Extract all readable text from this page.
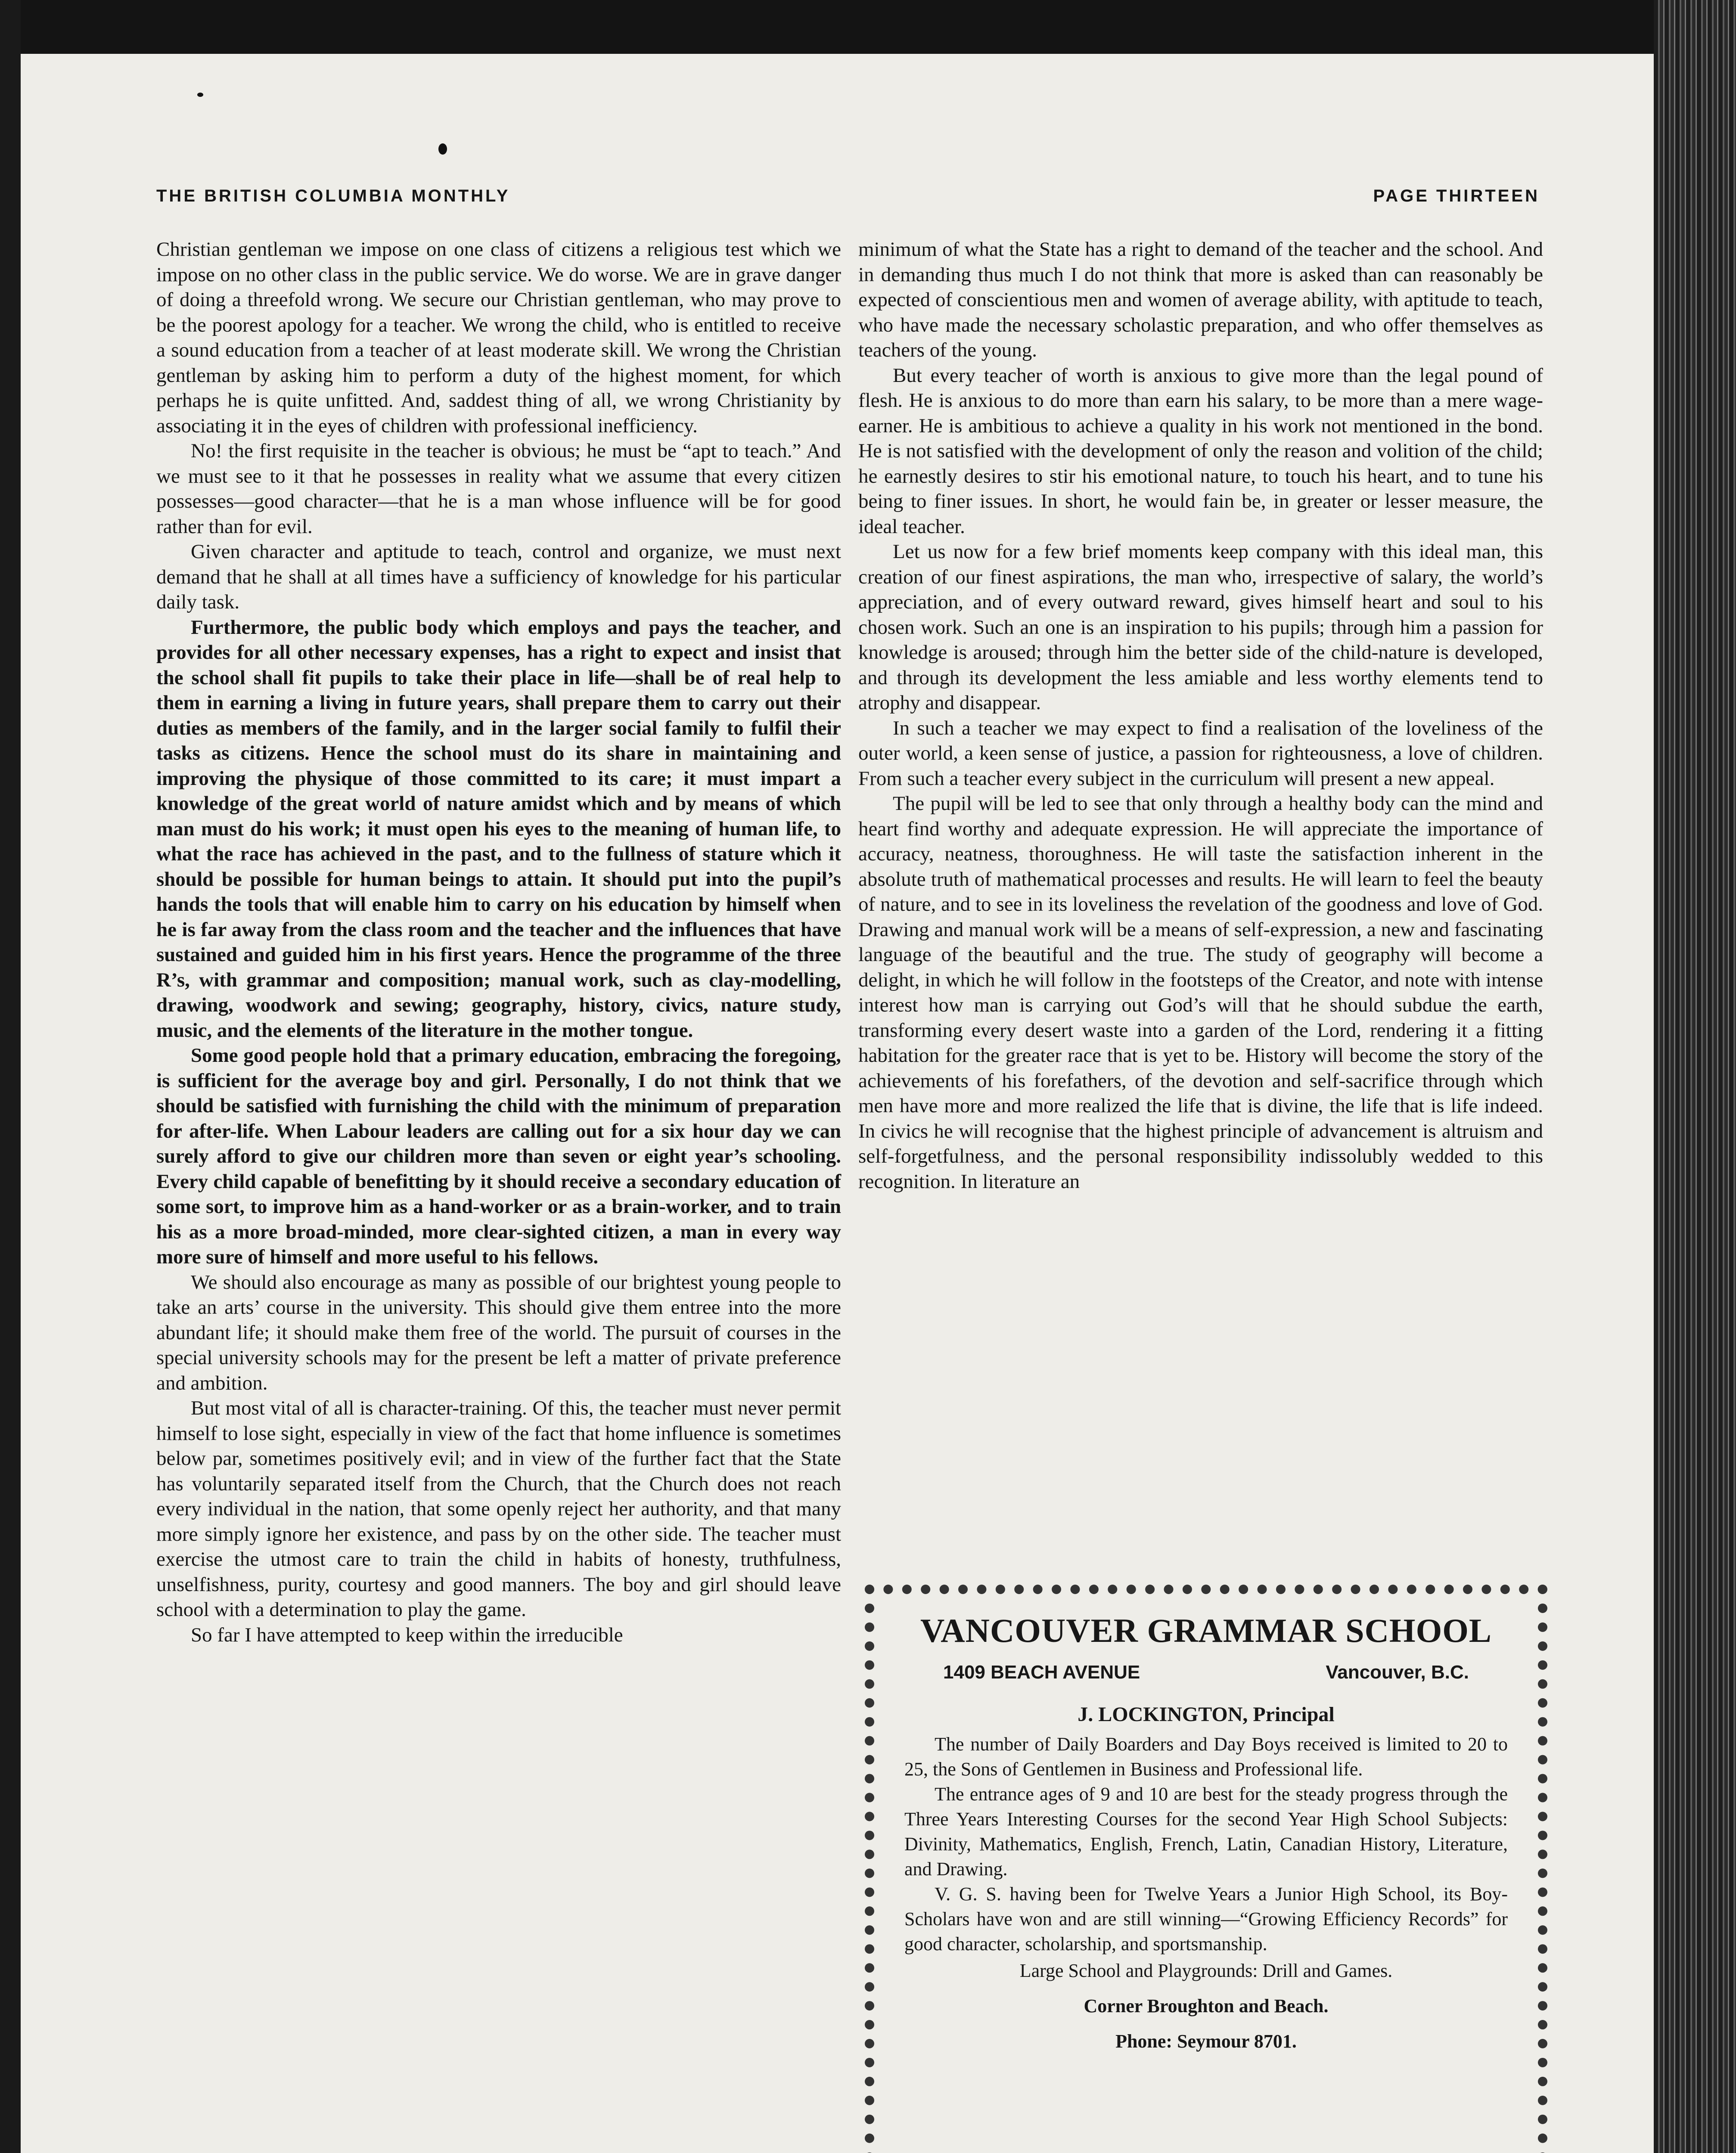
THE BRITISH COLUMBIA MONTHLY	PAGE THIRTEEN

Christian gentleman we impose on one class of citizens a religious test which we impose on no other class in the public service. We do worse. We are in grave danger of doing a threefold wrong. We secure our Christian gentleman, who may prove to be the poorest apology for a teacher. We wrong the child, who is entitled to receive a sound education from a teacher of at least moderate skill. We wrong the Christian gentleman by asking him to perform a duty of the highest moment, for which perhaps he is quite unfitted. And, saddest thing of all, we wrong Christianity by associating it in the eyes of children with professional inefficiency.

No! the first requisite in the teacher is obvious; he must be “apt to teach.” And we must see to it that he possesses in reality what we assume that every citizen possesses—good character—that he is a man whose influence will be for good rather than for evil.

Given character and aptitude to teach, control and organize, we must next demand that he shall at all times have a sufficiency of knowledge for his particular daily task.

Furthermore, the public body which employs and pays the teacher, and provides for all other necessary expenses, has a right to expect and insist that the school shall fit pupils to take their place in life—shall be of real help to them in earning a living in future years, shall prepare them to carry out their duties as members of the family, and in the larger social family to fulfil their tasks as citizens. Hence the school must do its share in maintaining and improving the physique of those committed to its care; it must impart a knowledge of the great world of nature amidst which and by means of which man must do his work; it must open his eyes to the meaning of human life, to what the race has achieved in the past, and to the fullness of stature which it should be possible for human beings to attain. It should put into the pupil’s hands the tools that will enable him to carry on his education by himself when he is far away from the class room and the teacher and the influences that have sustained and guided him in his first years. Hence the programme of the three R’s, with grammar and composition; manual work, such as clay-modelling, drawing, woodwork and sewing; geography, history, civics, nature study, music, and the elements of the literature in the mother tongue.

Some good people hold that a primary education, embracing the foregoing, is sufficient for the average boy and girl. Personally, I do not think that we should be satisfied with furnishing the child with the minimum of preparation for after-life. When Labour leaders are calling out for a six hour day we can surely afford to give our children more than seven or eight year’s schooling. Every child capable of benefitting by it should receive a secondary education of some sort, to improve him as a hand-worker or as a brain-worker, and to train his as a more broad-minded, more clear-sighted citizen, a man in every way more sure of himself and more useful to his fellows.

We should also encourage as many as possible of our brightest young people to take an arts’ course in the university. This should give them entree into the more abundant life; it should make them free of the world. The pursuit of courses in the special university schools may for the present be left a matter of private preference and ambition.

But most vital of all is character-training. Of this, the teacher must never permit himself to lose sight, especially in view of the fact that home influence is sometimes below par, sometimes positively evil; and in view of the further fact that the State has voluntarily separated itself from the Church, that the Church does not reach every individual in the nation, that some openly reject her authority, and that many more simply ignore her existence, and pass by on the other side. The teacher must exercise the utmost care to train the child in habits of honesty, truthfulness, unselfishness, purity, courtesy and good manners. The boy and girl should leave school with a determination to play the game.

So far I have attempted to keep within the irreducible

minimum of what the State has a right to demand of the teacher and the school. And in demanding thus much I do not think that more is asked than can reasonably be expected of conscientious men and women of average ability, with aptitude to teach, who have made the necessary scholastic preparation, and who offer themselves as teachers of the young.

But every teacher of worth is anxious to give more than the legal pound of flesh. He is anxious to do more than earn his salary, to be more than a mere wage-earner. He is ambitious to achieve a quality in his work not mentioned in the bond. He is not satisfied with the development of only the reason and volition of the child; he earnestly desires to stir his emotional nature, to touch his heart, and to tune his being to finer issues. In short, he would fain be, in greater or lesser measure, the ideal teacher.

Let us now for a few brief moments keep company with this ideal man, this creation of our finest aspirations, the man who, irrespective of salary, the world’s appreciation, and of every outward reward, gives himself heart and soul to his chosen work. Such an one is an inspiration to his pupils; through him a passion for knowledge is aroused; through him the better side of the child-nature is developed, and through its development the less amiable and less worthy elements tend to atrophy and disappear.

In such a teacher we may expect to find a realisation of the loveliness of the outer world, a keen sense of justice, a passion for righteousness, a love of children. From such a teacher every subject in the curriculum will present a new appeal.

The pupil will be led to see that only through a healthy body can the mind and heart find worthy and adequate expression. He will appreciate the importance of accuracy, neatness, thoroughness. He will taste the satisfaction inherent in the absolute truth of mathematical processes and results. He will learn to feel the beauty of nature, and to see in its loveliness the revelation of the goodness and love of God. Drawing and manual work will be a means of self-expression, a new and fascinating language of the beautiful and the true. The study of geography will become a delight, in which he will follow in the footsteps of the Creator, and note with intense interest how man is carrying out God’s will that he should subdue the earth, transforming every desert waste into a garden of the Lord, rendering it a fitting habitation for the greater race that is yet to be. History will become the story of the achievements of his forefathers, of the devotion and self-sacrifice through which men have more and more realized the life that is divine, the life that is life indeed. In civics he will recognise that the highest principle of advancement is altruism and self-forgetfulness, and the personal responsibility indissolubly wedded to this recognition. In literature an

VANCOUVER GRAMMAR SCHOOL
1409 BEACH AVENUE	Vancouver, B.C.
J. LOCKINGTON, Principal

The number of Daily Boarders and Day Boys received is limited to 20 to 25, the Sons of Gentlemen in Business and Professional life.

The entrance ages of 9 and 10 are best for the steady progress through the Three Years Interesting Courses for the second Year High School Subjects: Divinity, Mathematics, English, French, Latin, Canadian History, Literature, and Drawing.

V. G. S. having been for Twelve Years a Junior High School, its Boy-Scholars have won and are still winning—“Growing Efficiency Records” for good character, scholarship, and sportsmanship.

Large School and Playgrounds: Drill and Games.
Corner Broughton and Beach.
Phone: Seymour 8701.
